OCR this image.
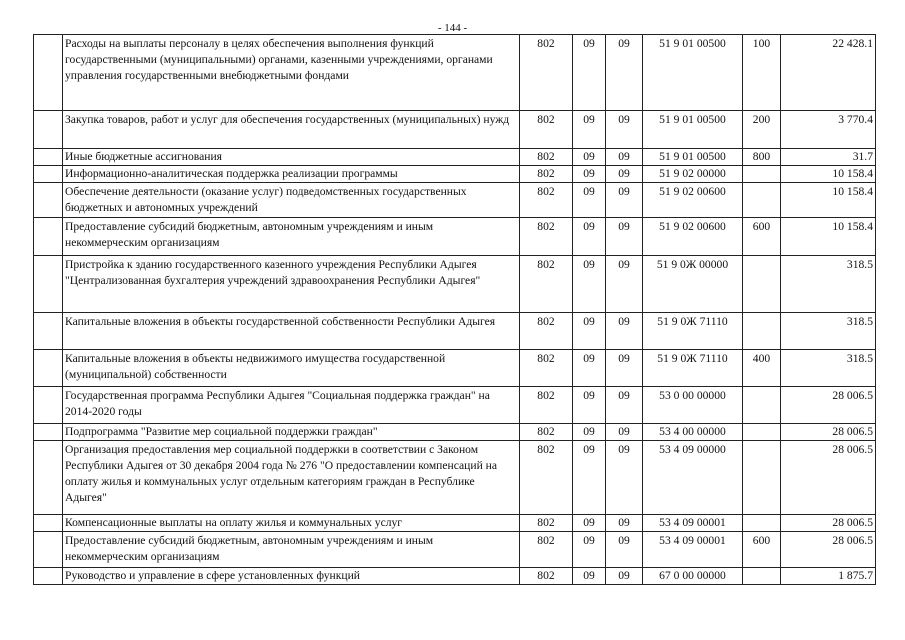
- 144 -
	Расходы на выплаты персоналу в целях обеспечения выполнения функций государственными (муниципальными) органами, казенными учреждениями, органами управления государственными внебюджетными фондами	802	09	09	51 9 01 00500	100	22 428.1
	Закупка товаров, работ и услуг для обеспечения государственных (муниципальных) нужд	802	09	09	51 9 01 00500	200	3 770.4
	Иные бюджетные ассигнования	802	09	09	51 9 01 00500	800	31.7
	Информационно-аналитическая поддержка реализации программы	802	09	09	51 9 02 00000		10 158.4
	Обеспечение деятельности (оказание услуг) подведомственных государственных бюджетных и автономных учреждений	802	09	09	51 9 02 00600		10 158.4
	Предоставление субсидий бюджетным, автономным учреждениям и иным некоммерческим организациям	802	09	09	51 9 02 00600	600	10 158.4
	Пристройка к зданию государственного казенного учреждения Республики Адыгея "Централизованная бухгалтерия учреждений здравоохранения Республики Адыгея"	802	09	09	51 9 0Ж 00000		318.5
	Капитальные вложения в объекты государственной собственности Республики Адыгея	802	09	09	51 9 0Ж 71110		318.5
	Капитальные вложения в объекты недвижимого имущества государственной (муниципальной) собственности	802	09	09	51 9 0Ж 71110	400	318.5
	Государственная программа Республики Адыгея "Социальная поддержка граждан" на 2014-2020 годы	802	09	09	53 0 00 00000		28 006.5
	Подпрограмма "Развитие мер социальной поддержки граждан"	802	09	09	53 4 00 00000		28 006.5
	Организация предоставления мер социальной поддержки в соответствии с Законом Республики Адыгея от 30 декабря 2004 года № 276 "О предоставлении компенсаций на оплату жилья и коммунальных услуг отдельным категориям граждан в Республике Адыгея"	802	09	09	53 4 09 00000		28 006.5
	Компенсационные выплаты на оплату жилья и коммунальных услуг	802	09	09	53 4 09 00001		28 006.5
	Предоставление субсидий бюджетным, автономным учреждениям и иным некоммерческим организациям	802	09	09	53 4 09 00001	600	28 006.5
	Руководство и управление в сфере установленных функций	802	09	09	67 0 00 00000		1 875.7
